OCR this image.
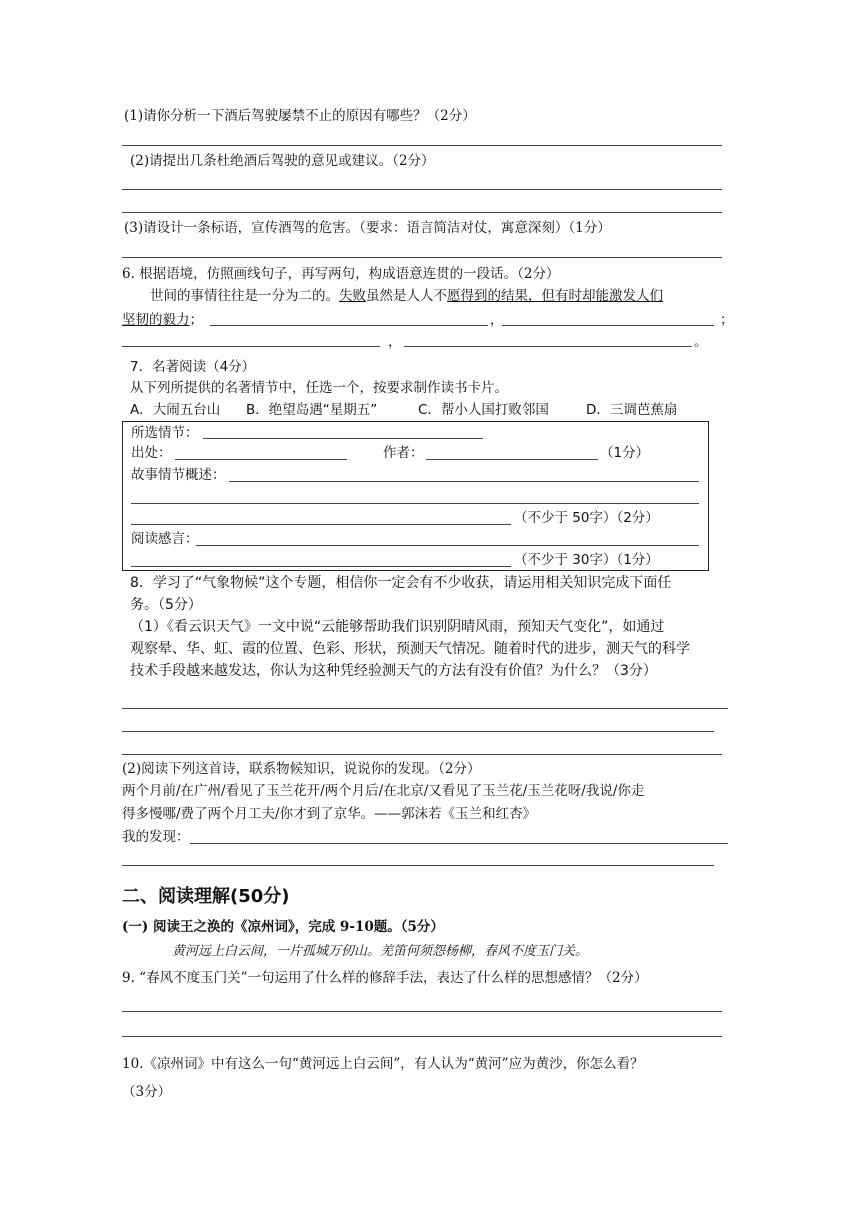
(1)请你分析一下酒后驾驶屡禁不止的原因有哪些？（2分）
(2)请提出几条杜绝酒后驾驶的意见或建议。（2分）
(3)请设计一条标语，宣传酒驾的危害。（要求：语言简洁对仗，寓意深刻）（1分）
6. 根据语境，仿照画线句子，再写两句，构成语意连贯的一段话。（2分）
世间的事情往往是一分为二的。失败虽然是人人不愿得到的结果，但有时却能激发人们
坚韧的毅力；	，	；
，	。
7．名著阅读（4分）
从下列所提供的名著情节中，任选一个，按要求制作读书卡片。
A．大闹五台山 B．绝望岛遇“星期五”	C．帮小人国打败邻国	D．三调芭蕉扇
所选情节：
出处：	作者：	（1分）
故事情节概述：
（不少于 50字）（2分）
阅读感言：
（不少于 30字）（1分）
8．学习了“气象物候”这个专题，相信你一定会有不少收获，请运用相关知识完成下面任
务。（5分）
（1）《看云识天气》一文中说“云能够帮助我们识别阴晴风雨，预知天气变化”，如通过
观察晕、华、虹、霞的位置、色彩、形状，预测天气情况。随着时代的进步，测天气的科学
技术手段越来越发达，你认为这种凭经验测天气的方法有没有价值？为什么？（3分）
(2)阅读下列这首诗，联系物候知识，说说你的发现。（2分）
两个月前/在广州/看见了玉兰花开/两个月后/在北京/又看见了玉兰花/玉兰花呀/我说/你走
得多慢哪/费了两个月工夫/你才到了京华。——郭沫若《玉兰和红杏》
我的发现：
二、阅读理解(50分)
(一) 阅读王之涣的《凉州词》，完成 9-10题。（5分）
黄河远上白云间，一片孤城万仞山。羌笛何须怨杨柳，春风不度玉门关。
9. “春风不度玉门关”一句运用了什么样的修辞手法，表达了什么样的思想感情？（2分）
10.《凉州词》中有这么一句“黄河远上白云间”，有人认为“黄河”应为黄沙，你怎么看？
（3分）
